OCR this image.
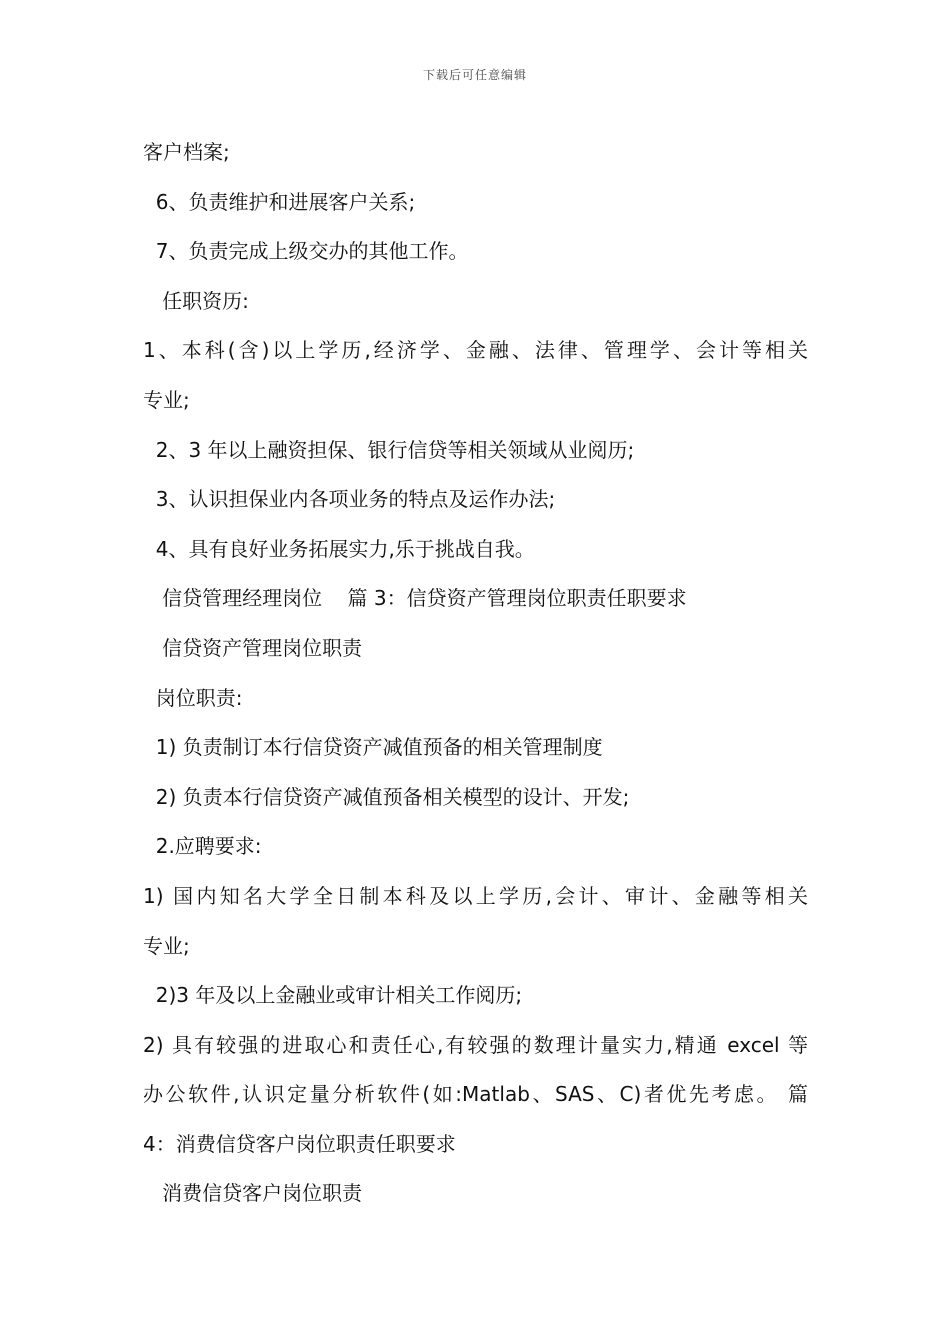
下载后可任意编辑
客户档案;
6、负责维护和进展客户关系;
7、负责完成上级交办的其他工作。
任职资历:
1、本科(含)以上学历,经济学、金融、法律、管理学、会计等相关
专业;
2、3 年以上融资担保、银行信贷等相关领域从业阅历;
3、认识担保业内各项业务的特点及运作办法;
4、具有良好业务拓展实力,乐于挑战自我。
信贷管理经理岗位    篇 3：信贷资产管理岗位职责任职要求
信贷资产管理岗位职责
岗位职责:
1) 负责制订本行信贷资产减值预备的相关管理制度
2) 负责本行信贷资产减值预备相关模型的设计、开发;
2.应聘要求:
1) 国内知名大学全日制本科及以上学历,会计、审计、金融等相关
专业;
2)3 年及以上金融业或审计相关工作阅历;
2) 具有较强的进取心和责任心,有较强的数理计量实力,精通 excel 等
办公软件,认识定量分析软件(如:Matlab、SAS、C)者优先考虑。 篇
4：消费信贷客户岗位职责任职要求
消费信贷客户岗位职责
